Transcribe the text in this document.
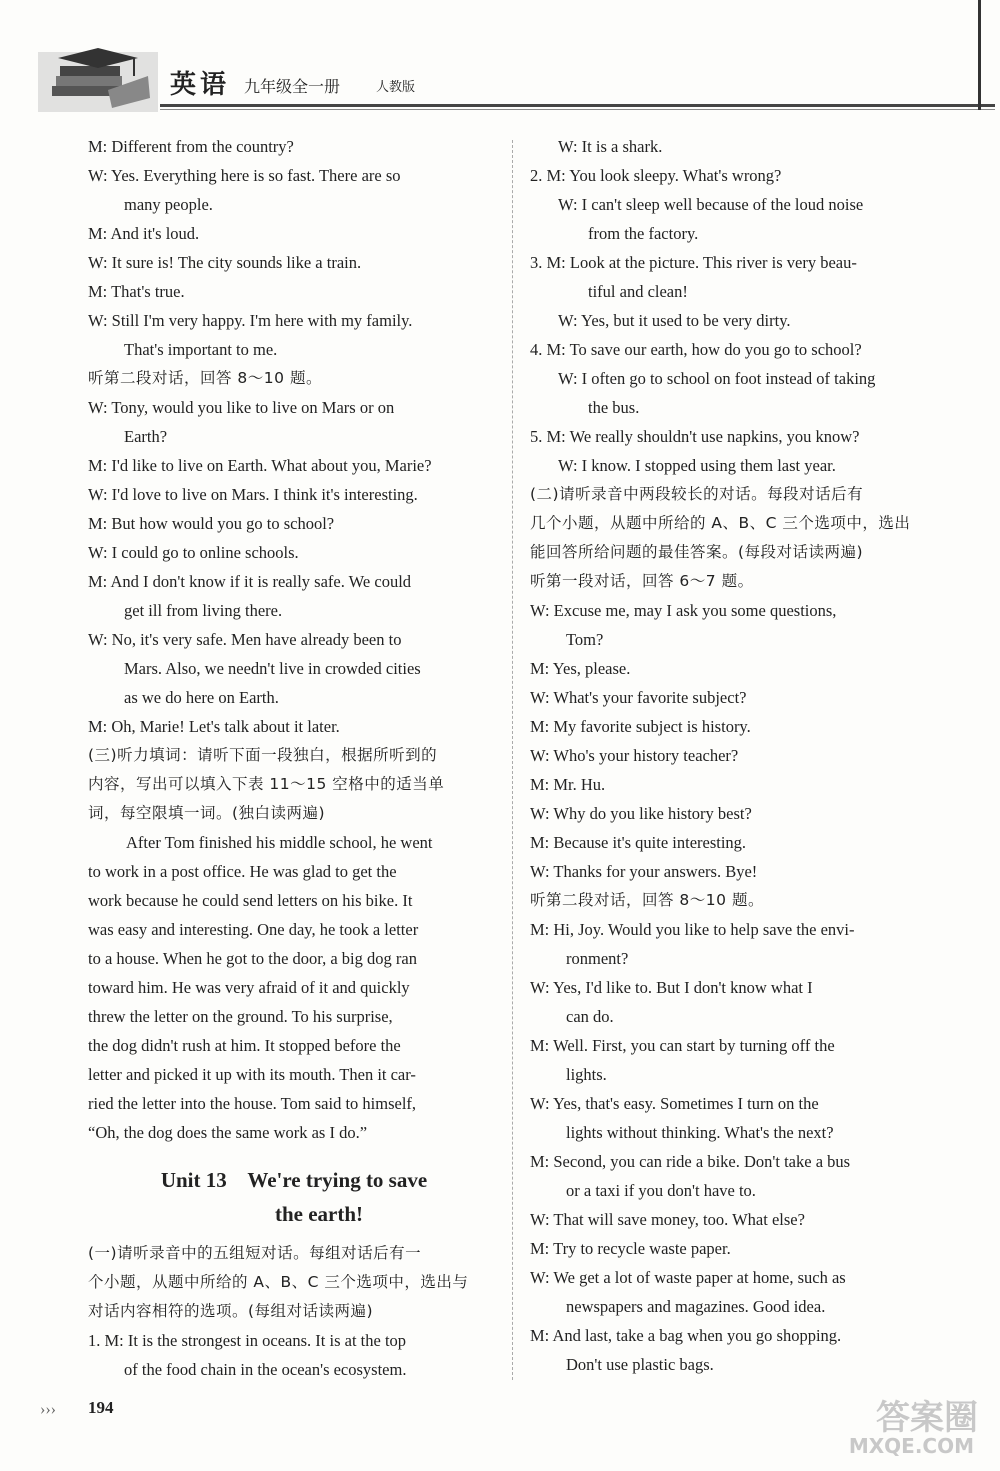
英语 九年级全一册	人教版
M: Different from the country?
W: Yes. Everything here is so fast. There are so
many people.
M: And it's loud.
W: It sure is! The city sounds like a train.
M: That's true.
W: Still I'm very happy. I'm here with my family.
That's important to me.
听第二段对话，回答 8～10 题。
W: Tony, would you like to live on Mars or on
Earth?
M: I'd like to live on Earth. What about you, Marie?
W: I'd love to live on Mars. I think it's interesting.
M: But how would you go to school?
W: I could go to online schools.
M: And I don't know if it is really safe. We could
get ill from living there.
W: No, it's very safe. Men have already been to
Mars. Also, we needn't live in crowded cities
as we do here on Earth.
M: Oh, Marie! Let's talk about it later.
(三)听力填词：请听下面一段独白，根据所听到的
内容，写出可以填入下表 11～15 空格中的适当单
词，每空限填一词。(独白读两遍)
After Tom finished his middle school, he went
to work in a post office. He was glad to get the
work because he could send letters on his bike. It
was easy and interesting. One day, he took a letter
to a house. When he got to the door, a big dog ran
toward him. He was very afraid of it and quickly
threw the letter on the ground. To his surprise,
the dog didn't rush at him. It stopped before the
letter and picked it up with its mouth. Then it car-
ried the letter into the house. Tom said to himself,
“Oh, the dog does the same work as I do.”
Unit 13    We're trying to save
the earth!
(一)请听录音中的五组短对话。每组对话后有一
个小题，从题中所给的 A、B、C 三个选项中，选出与
对话内容相符的选项。(每组对话读两遍)
1. M: It is the strongest in oceans. It is at the top
of the food chain in the ocean's ecosystem.
W: It is a shark.
2. M: You look sleepy. What's wrong?
W: I can't sleep well because of the loud noise
from the factory.
3. M: Look at the picture. This river is very beau-
tiful and clean!
W: Yes, but it used to be very dirty.
4. M: To save our earth, how do you go to school?
W: I often go to school on foot instead of taking
the bus.
5. M: We really shouldn't use napkins, you know?
W: I know. I stopped using them last year.
(二)请听录音中两段较长的对话。每段对话后有
几个小题，从题中所给的 A、B、C 三个选项中，选出
能回答所给问题的最佳答案。(每段对话读两遍)
听第一段对话，回答 6～7 题。
W: Excuse me, may I ask you some questions,
Tom?
M: Yes, please.
W: What's your favorite subject?
M: My favorite subject is history.
W: Who's your history teacher?
M: Mr. Hu.
W: Why do you like history best?
M: Because it's quite interesting.
W: Thanks for your answers. Bye!
听第二段对话，回答 8～10 题。
M: Hi, Joy. Would you like to help save the envi-
ronment?
W: Yes, I'd like to. But I don't know what I
can do.
M: Well. First, you can start by turning off the
lights.
W: Yes, that's easy. Sometimes I turn on the
lights without thinking. What's the next?
M: Second, you can ride a bike. Don't take a bus
or a taxi if you don't have to.
W: That will save money, too. What else?
M: Try to recycle waste paper.
W: We get a lot of waste paper at home, such as
newspapers and magazines. Good idea.
M: And last, take a bag when you go shopping.
Don't use plastic bags.
››› 194	答案圈
MXQE.COM
